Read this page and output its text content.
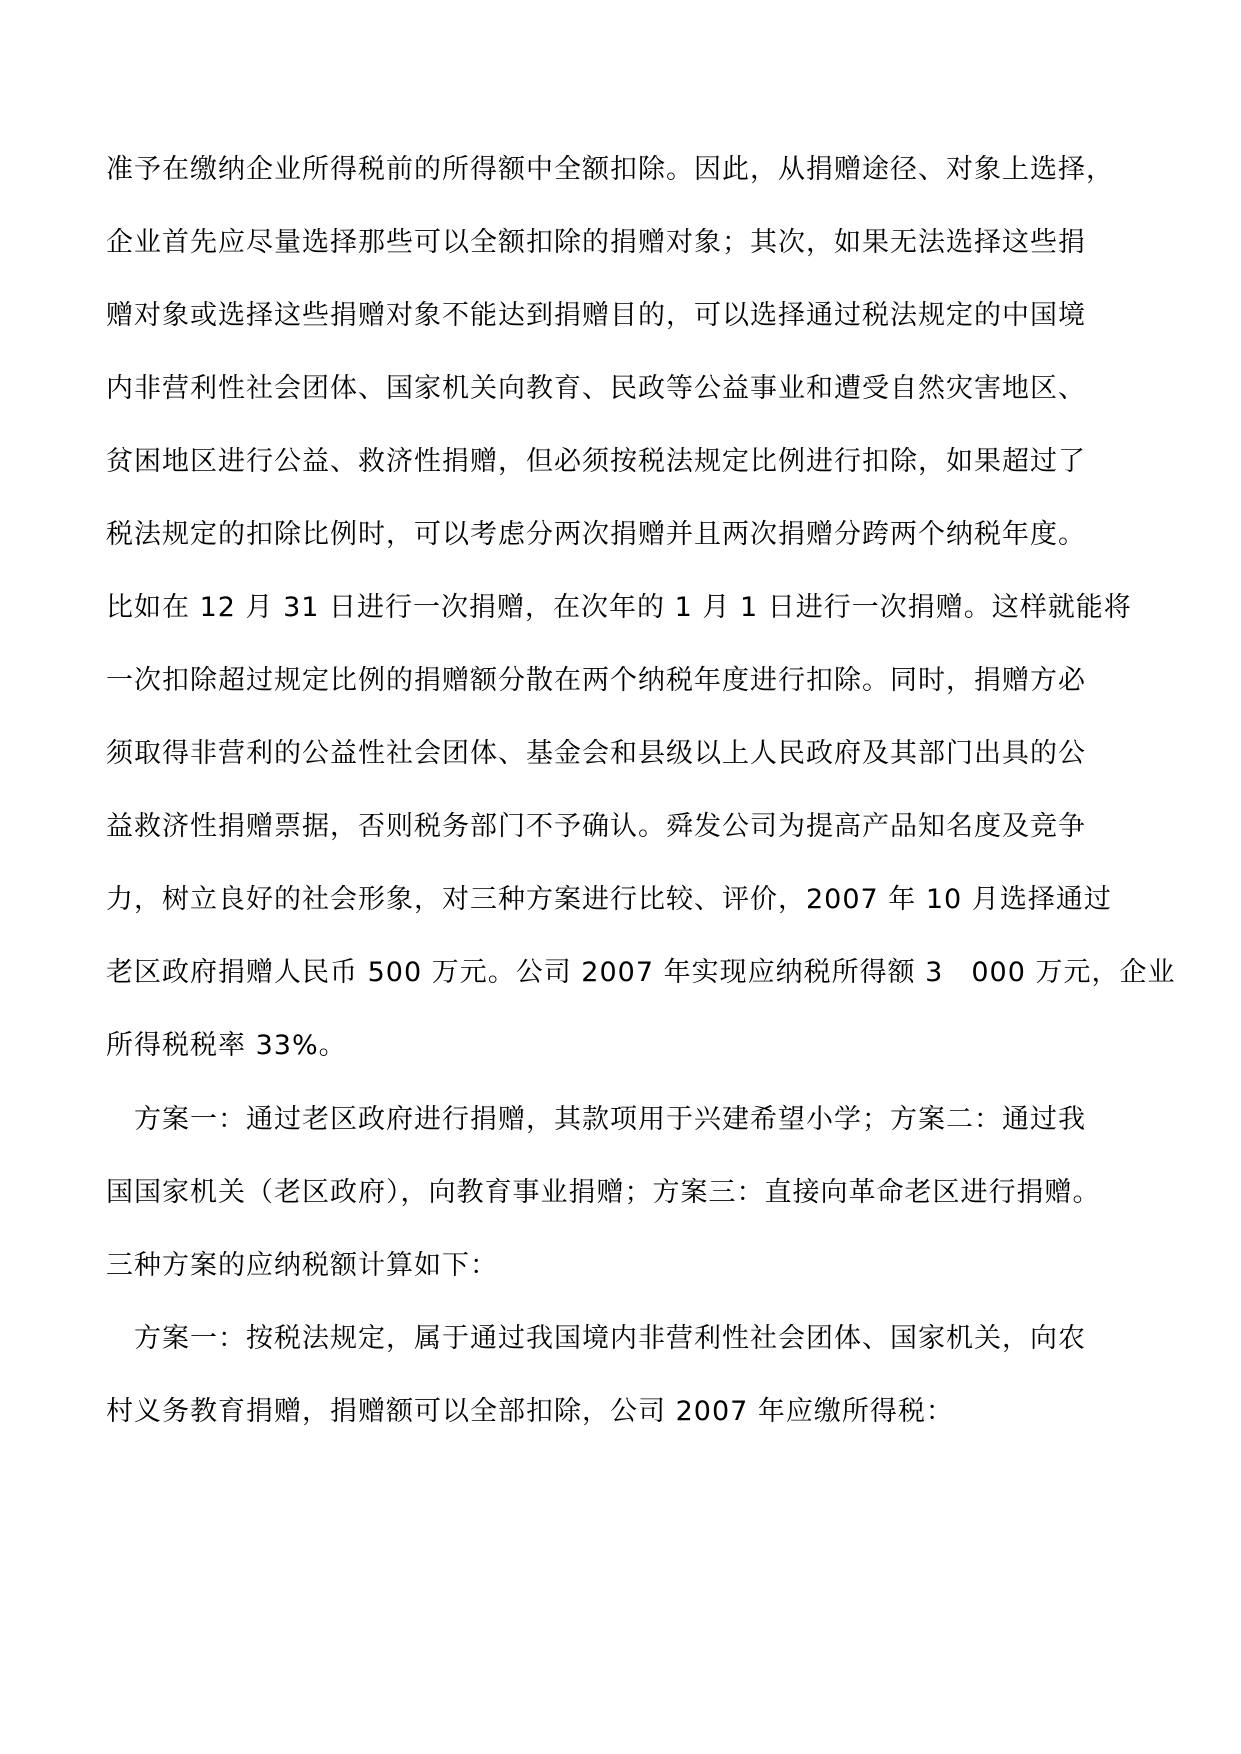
准予在缴纳企业所得税前的所得额中全额扣除。因此，从捐赠途径、对象上选择，
企业首先应尽量选择那些可以全额扣除的捐赠对象；其次，如果无法选择这些捐
赠对象或选择这些捐赠对象不能达到捐赠目的，可以选择通过税法规定的中国境
内非营利性社会团体、国家机关向教育、民政等公益事业和遭受自然灾害地区、
贫困地区进行公益、救济性捐赠，但必须按税法规定比例进行扣除，如果超过了
税法规定的扣除比例时，可以考虑分两次捐赠并且两次捐赠分跨两个纳税年度。
比如在 12 月 31 日进行一次捐赠，在次年的 1 月 1 日进行一次捐赠。这样就能将
一次扣除超过规定比例的捐赠额分散在两个纳税年度进行扣除。同时，捐赠方必
须取得非营利的公益性社会团体、基金会和县级以上人民政府及其部门出具的公
益救济性捐赠票据，否则税务部门不予确认。舜发公司为提高产品知名度及竞争
力，树立良好的社会形象，对三种方案进行比较、评价，2007 年 10 月选择通过
老区政府捐赠人民币 500 万元。公司 2007 年实现应纳税所得额 3　000 万元，企业
所得税税率 33%。
　方案一：通过老区政府进行捐赠，其款项用于兴建希望小学；方案二：通过我
国国家机关（老区政府），向教育事业捐赠；方案三：直接向革命老区进行捐赠。
三种方案的应纳税额计算如下：
　方案一：按税法规定，属于通过我国境内非营利性社会团体、国家机关，向农
村义务教育捐赠，捐赠额可以全部扣除，公司 2007 年应缴所得税：
